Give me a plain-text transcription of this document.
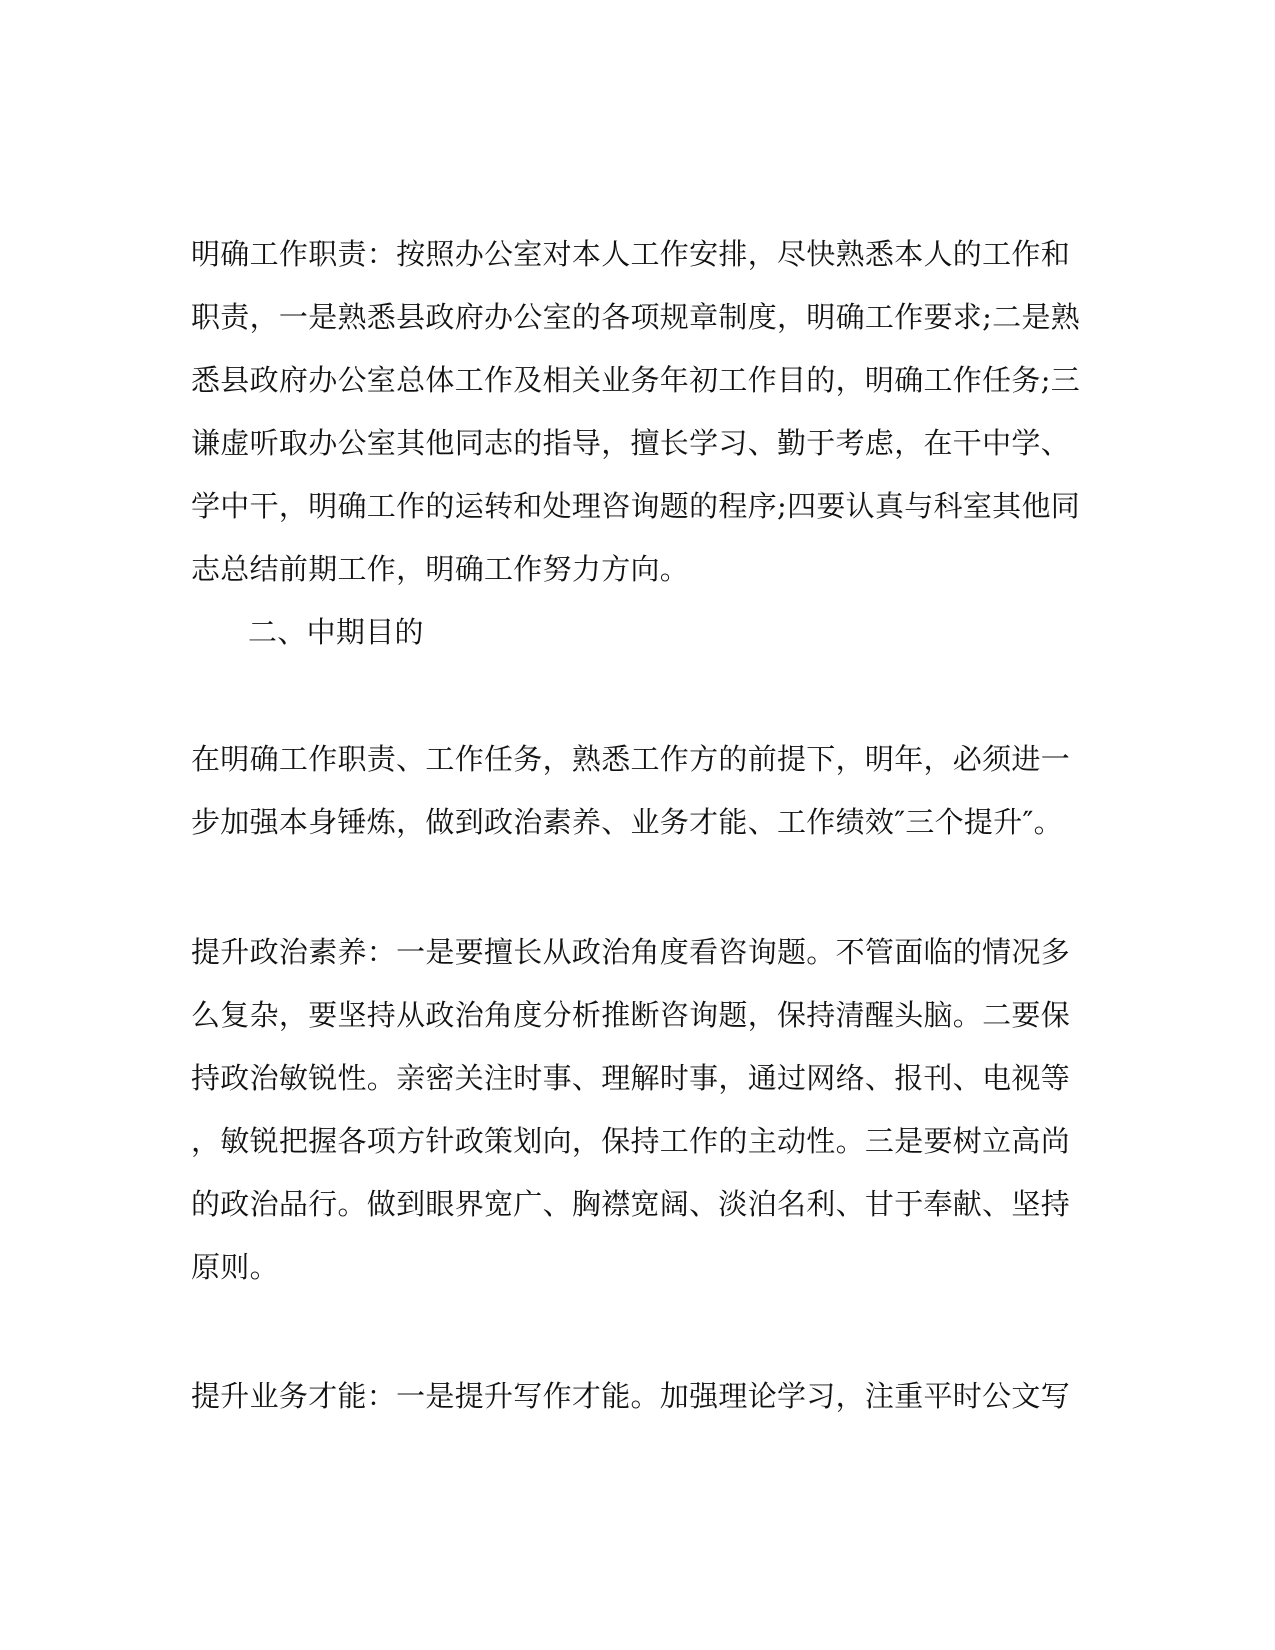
明确工作职责：按照办公室对本人工作安排，尽快熟悉本人的工作和
职责，一是熟悉县政府办公室的各项规章制度，明确工作要求;二是熟
悉县政府办公室总体工作及相关业务年初工作目的，明确工作任务;三
谦虚听取办公室其他同志的指导，擅长学习、勤于考虑，在干中学、
学中干，明确工作的运转和处理咨询题的程序;四要认真与科室其他同
志总结前期工作，明确工作努力方向。
二、中期目的
在明确工作职责、工作任务，熟悉工作方的前提下，明年，必须进一
步加强本身锤炼，做到政治素养、业务才能、工作绩效″三个提升″。
提升政治素养：一是要擅长从政治角度看咨询题。不管面临的情况多
么复杂，要坚持从政治角度分析推断咨询题，保持清醒头脑。二要保
持政治敏锐性。亲密关注时事、理解时事，通过网络、报刊、电视等
，敏锐把握各项方针政策划向，保持工作的主动性。三是要树立高尚
的政治品行。做到眼界宽广、胸襟宽阔、淡泊名利、甘于奉献、坚持
原则。
提升业务才能：一是提升写作才能。加强理论学习，注重平时公文写
